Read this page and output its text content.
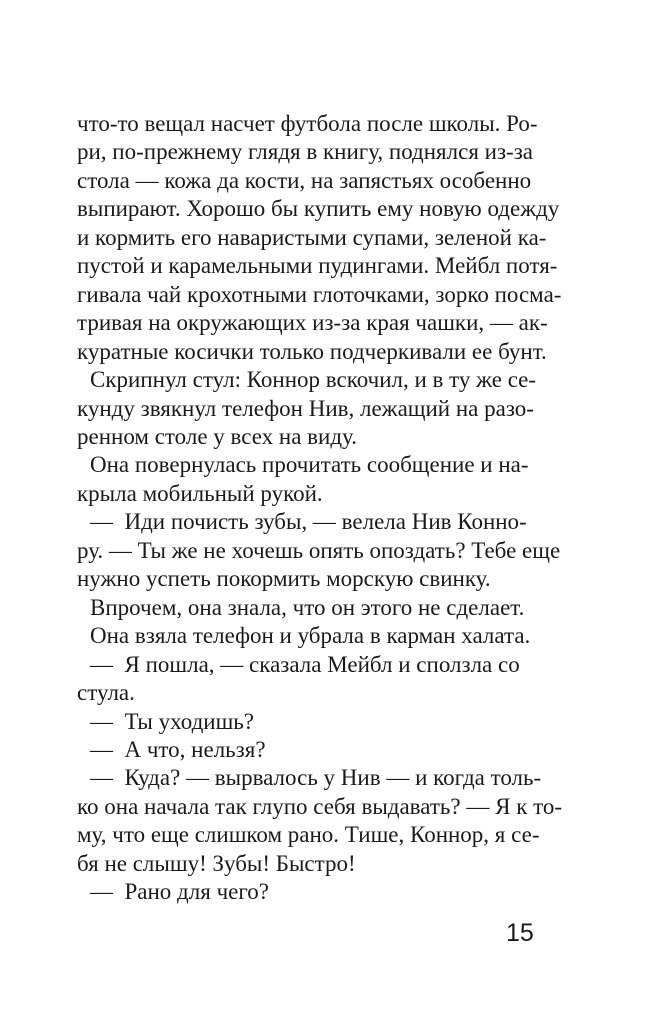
что-то вещал насчет футбола после школы. Ро-
ри, по-прежнему глядя в книгу, поднялся из-за
стола — кожа да кости, на запястьях особенно
выпирают. Хорошо бы купить ему новую одежду
и кормить его наваристыми супами, зеленой ка-
пустой и карамельными пудингами. Мейбл потя-
гивала чай крохотными глоточками, зорко посма-
тривая на окружающих из-за края чашки, — ак-
куратные косички только подчеркивали ее бунт.
Скрипнул стул: Коннор вскочил, и в ту же се-
кунду звякнул телефон Нив, лежащий на разо-
ренном столе у всех на виду.
Она повернулась прочитать сообщение и на-
крыла мобильный рукой.
— Иди почисть зубы, — велела Нив Конно-
ру. — Ты же не хочешь опять опоздать? Тебе еще
нужно успеть покормить морскую свинку.
Впрочем, она знала, что он этого не сделает.
Она взяла телефон и убрала в карман халата.
— Я пошла, — сказала Мейбл и сползла со
стула.
— Ты уходишь?
— А что, нельзя?
— Куда? — вырвалось у Нив — и когда толь-
ко она начала так глупо себя выдавать? — Я к то-
му, что еще слишком рано. Тише, Коннор, я се-
бя не слышу! Зубы! Быстро!
— Рано для чего?
15
